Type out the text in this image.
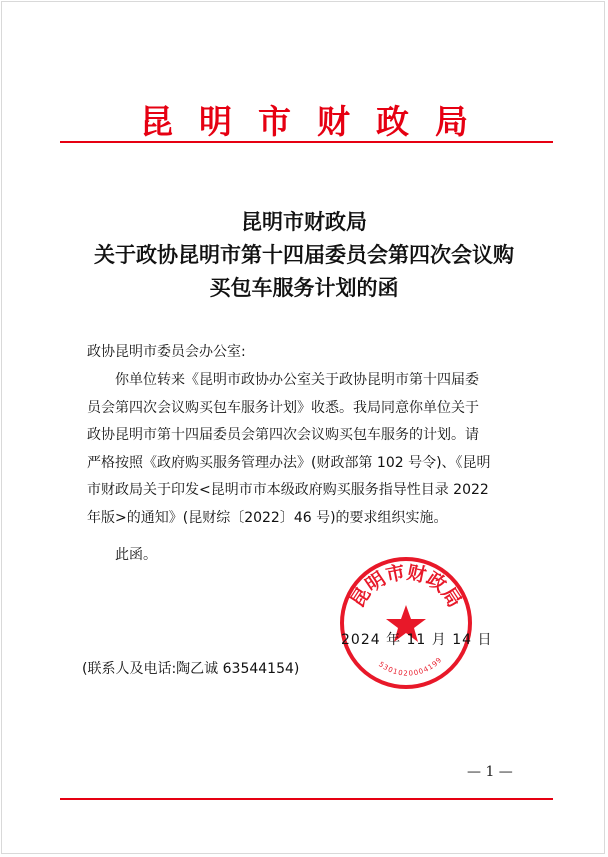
昆明市财政局
昆明市财政局
关于政协昆明市第十四届委员会第四次会议购
买包车服务计划的函
政协昆明市委员会办公室:
你单位转来《昆明市政协办公室关于政协昆明市第十四届委
员会第四次会议购买包车服务计划》收悉。我局同意你单位关于
政协昆明市第十四届委员会第四次会议购买包车服务的计划。请
严格按照《政府购买服务管理办法》(财政部第 102 号令)、《昆明
市财政局关于印发<昆明市市本级政府购买服务指导性目录 2022
年版>的通知》(昆财综〔2022〕46 号)的要求组织实施。
此函。
昆明市财政局
5301020004199
2024 年 11 月 14 日
(联系人及电话:陶乙诚 63544154)
— 1 —
